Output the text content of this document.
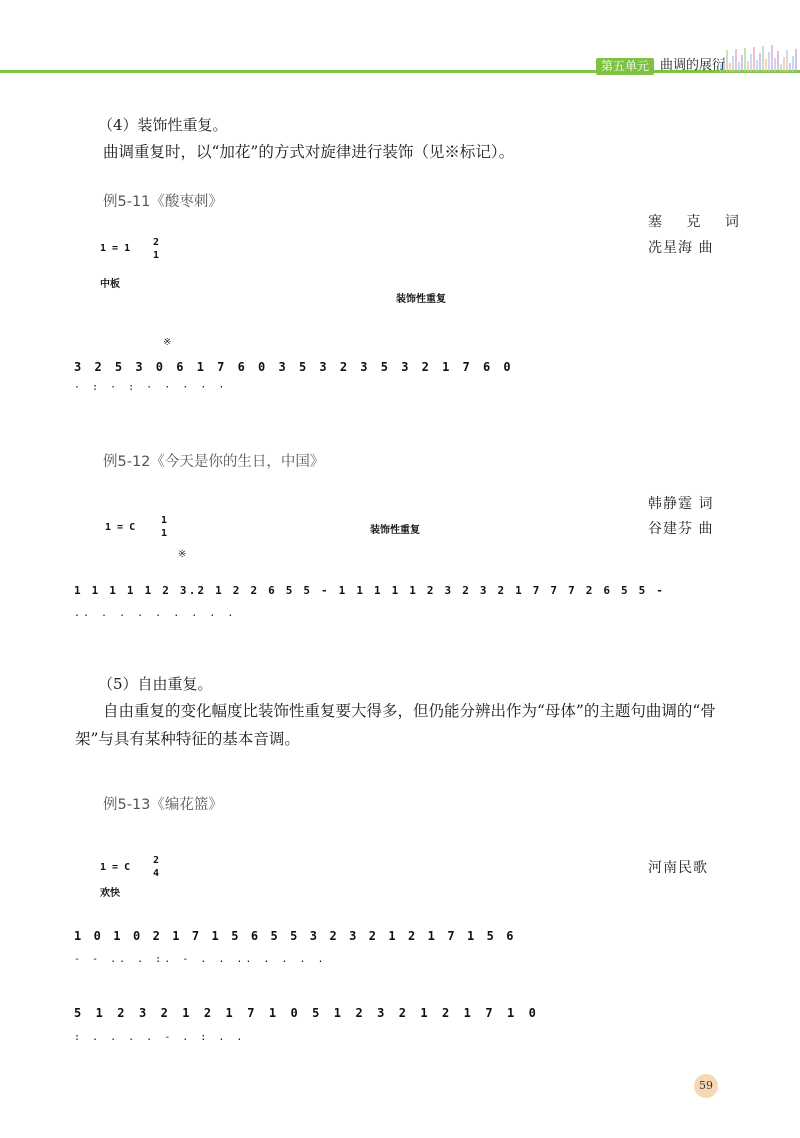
第五单元 曲调的展衍
（4）装饰性重复。
曲调重复时，以“加花”的方式对旋律进行装饰（见※标记）。
例5-11《酸枣刺》
塞 克 词
冼星海 曲
1 = 1
2
1
中板
装饰性重复
※
3 2 5 3 0 6 1 7 6 0 3 5 3 2 3 5 3 2 1 7 6 0
· : · : · · · · ·
例5-12《今天是你的生日，中国》
韩静霆 词
谷建芬 曲
1 = C
1
1	装饰性重复
※
1 1 1 1 1 2 3.2 1 2 2 6 5 5 - 1 1 1 1 1 2 3 2 3 2 1 7 7 7 2 6 5 5 -
.. . . . . . . . .
（5）自由重复。
自由重复的变化幅度比装饰性重复要大得多，但仍能分辨出作为“母体”的主题句曲调的“骨架”与具有某种特征的基本音调。
例5-13《编花篮》
河南民歌
1 = C
2
4
欢快
1 0 1 0 2 1 7 1 5 6 5 5 3 2 3 2 1 2 1 7 1 5 6
- - .. . :. - . . .. . . . .
5 1 2 3 2 1 2 1 7 1 0 5 1 2 3 2 1 2 1 7 1 0
: . . . . - . : . .
59
